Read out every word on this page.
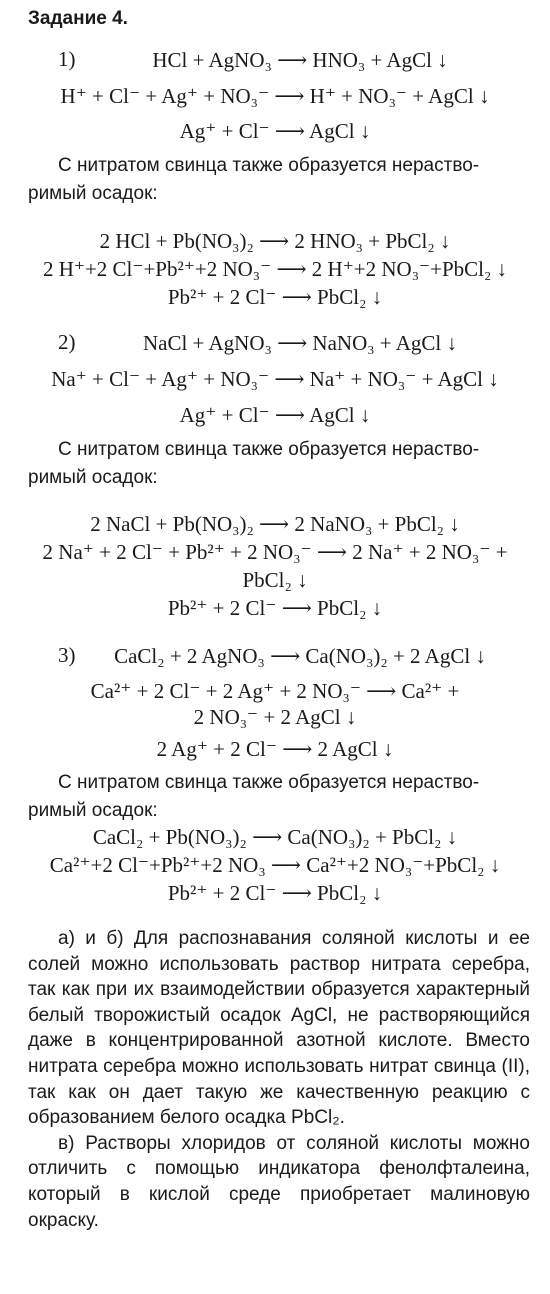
Задание 4.
1)	HCl + AgNO₃ ⟶ HNO₃ + AgCl ↓
H⁺ + Cl⁻ + Ag⁺ + NO₃⁻ ⟶ H⁺ + NO₃⁻ + AgCl ↓
Ag⁺ + Cl⁻ ⟶ AgCl ↓
С нитратом свинца также образуется нераство-
римый осадок:
2 HCl + Pb(NO₃)₂ ⟶ 2 HNO₃ + PbCl₂ ↓
2 H⁺+2 Cl⁻+Pb²⁺+2 NO₃⁻ ⟶ 2 H⁺+2 NO₃⁻+PbCl₂ ↓
Pb²⁺ + 2 Cl⁻ ⟶ PbCl₂ ↓
2)	NaCl + AgNO₃ ⟶ NaNO₃ + AgCl ↓
Na⁺ + Cl⁻ + Ag⁺ + NO₃⁻ ⟶ Na⁺ + NO₃⁻ + AgCl ↓
Ag⁺ + Cl⁻ ⟶ AgCl ↓
С нитратом свинца также образуется нераство-
римый осадок:
2 NaCl + Pb(NO₃)₂ ⟶ 2 NaNO₃ + PbCl₂ ↓
2 Na⁺ + 2 Cl⁻ + Pb²⁺ + 2 NO₃⁻ ⟶ 2 Na⁺ + 2 NO₃⁻ +
PbCl₂ ↓
Pb²⁺ + 2 Cl⁻ ⟶ PbCl₂ ↓
3)	CaCl₂ + 2 AgNO₃ ⟶ Ca(NO₃)₂ + 2 AgCl ↓
Ca²⁺ + 2 Cl⁻ + 2 Ag⁺ + 2 NO₃⁻ ⟶ Ca²⁺ +
2 NO₃⁻ + 2 AgCl ↓
2 Ag⁺ + 2 Cl⁻ ⟶ 2 AgCl ↓
С нитратом свинца также образуется нераство-
римый осадок:
CaCl₂ + Pb(NO₃)₂ ⟶ Ca(NO₃)₂ + PbCl₂ ↓
Ca²⁺+2 Cl⁻+Pb²⁺+2 NO₃ ⟶ Ca²⁺+2 NO₃⁻+PbCl₂ ↓
Pb²⁺ + 2 Cl⁻ ⟶ PbCl₂ ↓

а) и б) Для распознавания соляной кислоты и ее солей можно использовать раствор нитрата серебра, так как при их взаимодействии образуется характерный белый творожистый осадок AgCl, не растворяющийся даже в концентрированной азотной кислоте. Вместо нитрата серебра можно использовать нитрат свинца (II), так как он дает такую же качественную реакцию с образованием белого осадка PbCl₂.

в) Растворы хлоридов от соляной кислоты можно отличить с помощью индикатора фенолфталеина, который в кислой среде приобретает малиновую окраску.
